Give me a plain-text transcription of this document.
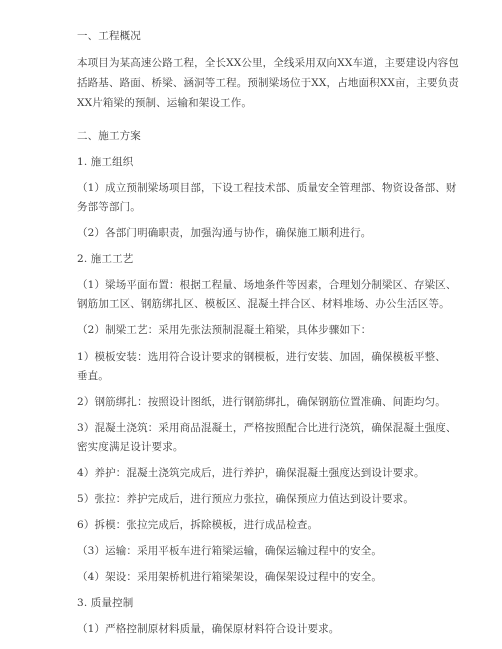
一、工程概况
本项目为某高速公路工程，全长XX公里，全线采用双向XX车道，主要建设内容包
括路基、路面、桥梁、涵洞等工程。预制梁场位于XX，占地面积XX亩，主要负责
XX片箱梁的预制、运输和架设工作。
二、施工方案
1. 施工组织
（1）成立预制梁场项目部，下设工程技术部、质量安全管理部、物资设备部、财
务部等部门。
（2）各部门明确职责，加强沟通与协作，确保施工顺利进行。
2. 施工工艺
（1）梁场平面布置：根据工程量、场地条件等因素，合理划分制梁区、存梁区、
钢筋加工区、钢筋绑扎区、模板区、混凝土拌合区、材料堆场、办公生活区等。
（2）制梁工艺：采用先张法预制混凝土箱梁，具体步骤如下：
1）模板安装：选用符合设计要求的钢模板，进行安装、加固，确保模板平整、
垂直。
2）钢筋绑扎：按照设计图纸，进行钢筋绑扎，确保钢筋位置准确、间距均匀。
3）混凝土浇筑：采用商品混凝土，严格按照配合比进行浇筑，确保混凝土强度、
密实度满足设计要求。
4）养护：混凝土浇筑完成后，进行养护，确保混凝土强度达到设计要求。
5）张拉：养护完成后，进行预应力张拉，确保预应力值达到设计要求。
6）拆模：张拉完成后，拆除模板，进行成品检查。
（3）运输：采用平板车进行箱梁运输，确保运输过程中的安全。
（4）架设：采用架桥机进行箱梁架设，确保架设过程中的安全。
3. 质量控制
（1）严格控制原材料质量，确保原材料符合设计要求。
